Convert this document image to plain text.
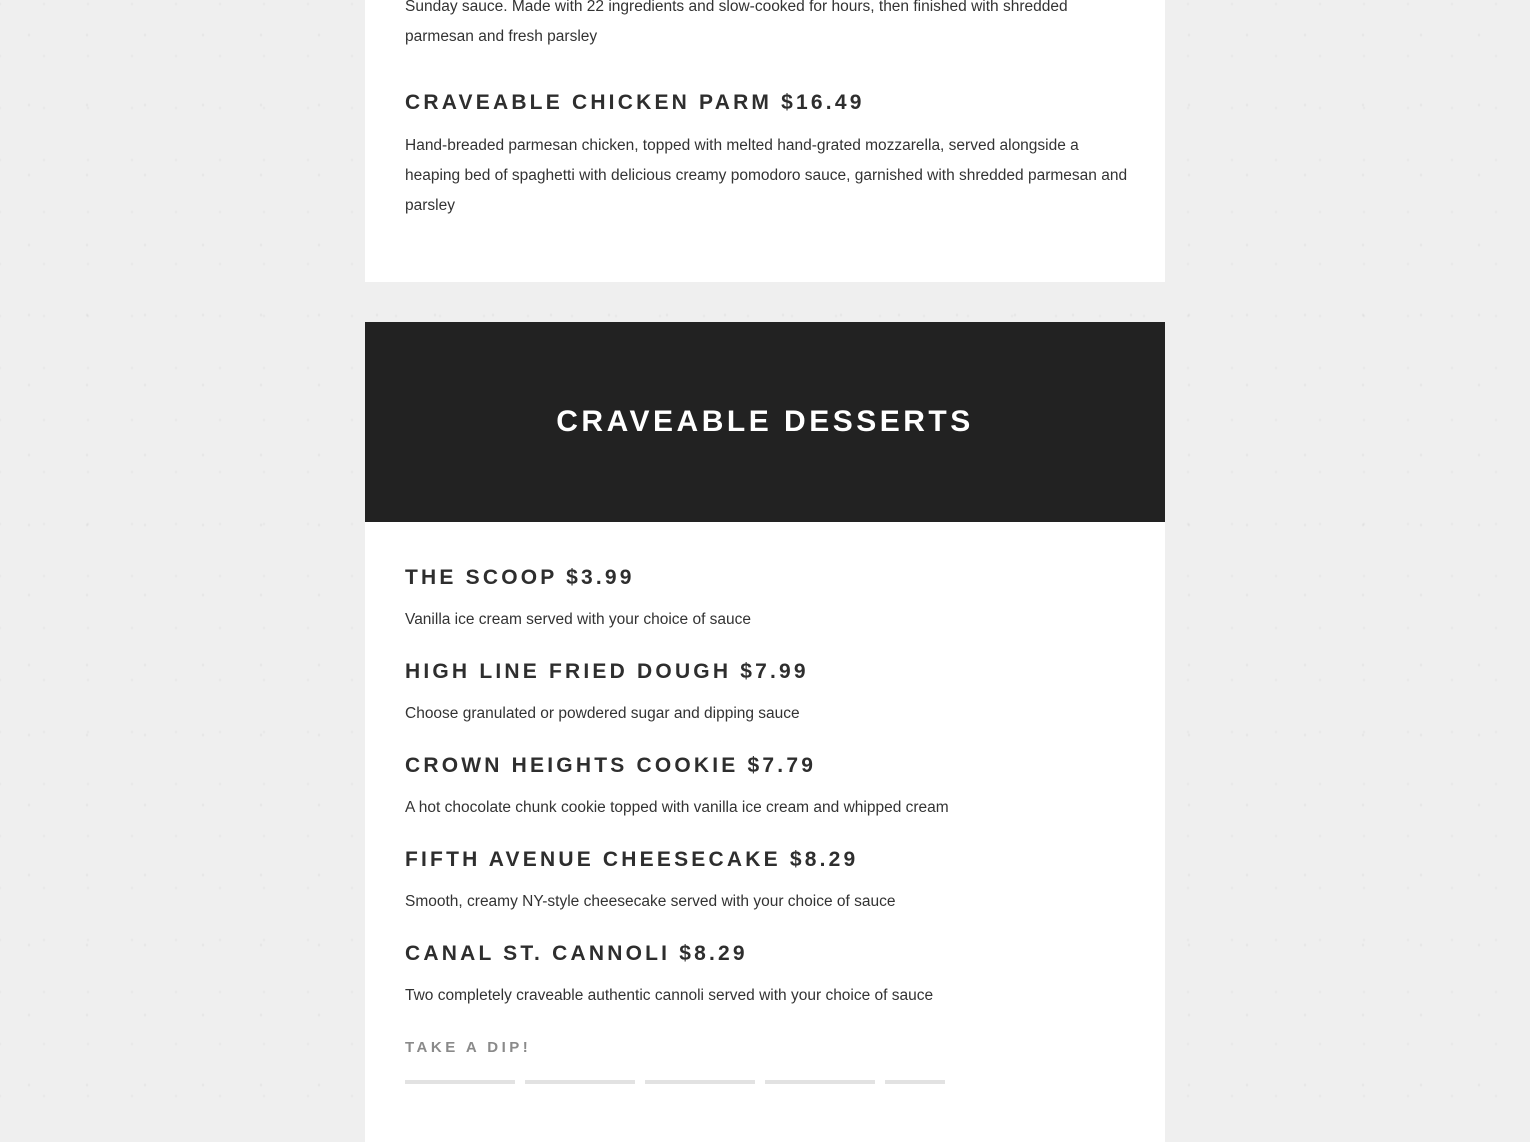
Sunday sauce. Made with 22 ingredients and slow-cooked for hours, then finished with shredded parmesan and fresh parsley

CRAVEABLE CHICKEN PARM $16.49

Hand-breaded parmesan chicken, topped with melted hand-grated mozzarella, served alongside a heaping bed of spaghetti with delicious creamy pomodoro sauce, garnished with shredded parmesan and parsley

CRAVEABLE DESSERTS
THE SCOOP $3.99

Vanilla ice cream served with your choice of sauce

HIGH LINE FRIED DOUGH $7.99

Choose granulated or powdered sugar and dipping sauce

CROWN HEIGHTS COOKIE $7.79

A hot chocolate chunk cookie topped with vanilla ice cream and whipped cream

FIFTH AVENUE CHEESECAKE $8.29

Smooth, creamy NY-style cheesecake served with your choice of sauce

CANAL ST. CANNOLI $8.29

Two completely craveable authentic cannoli served with your choice of sauce

TAKE A DIP!
